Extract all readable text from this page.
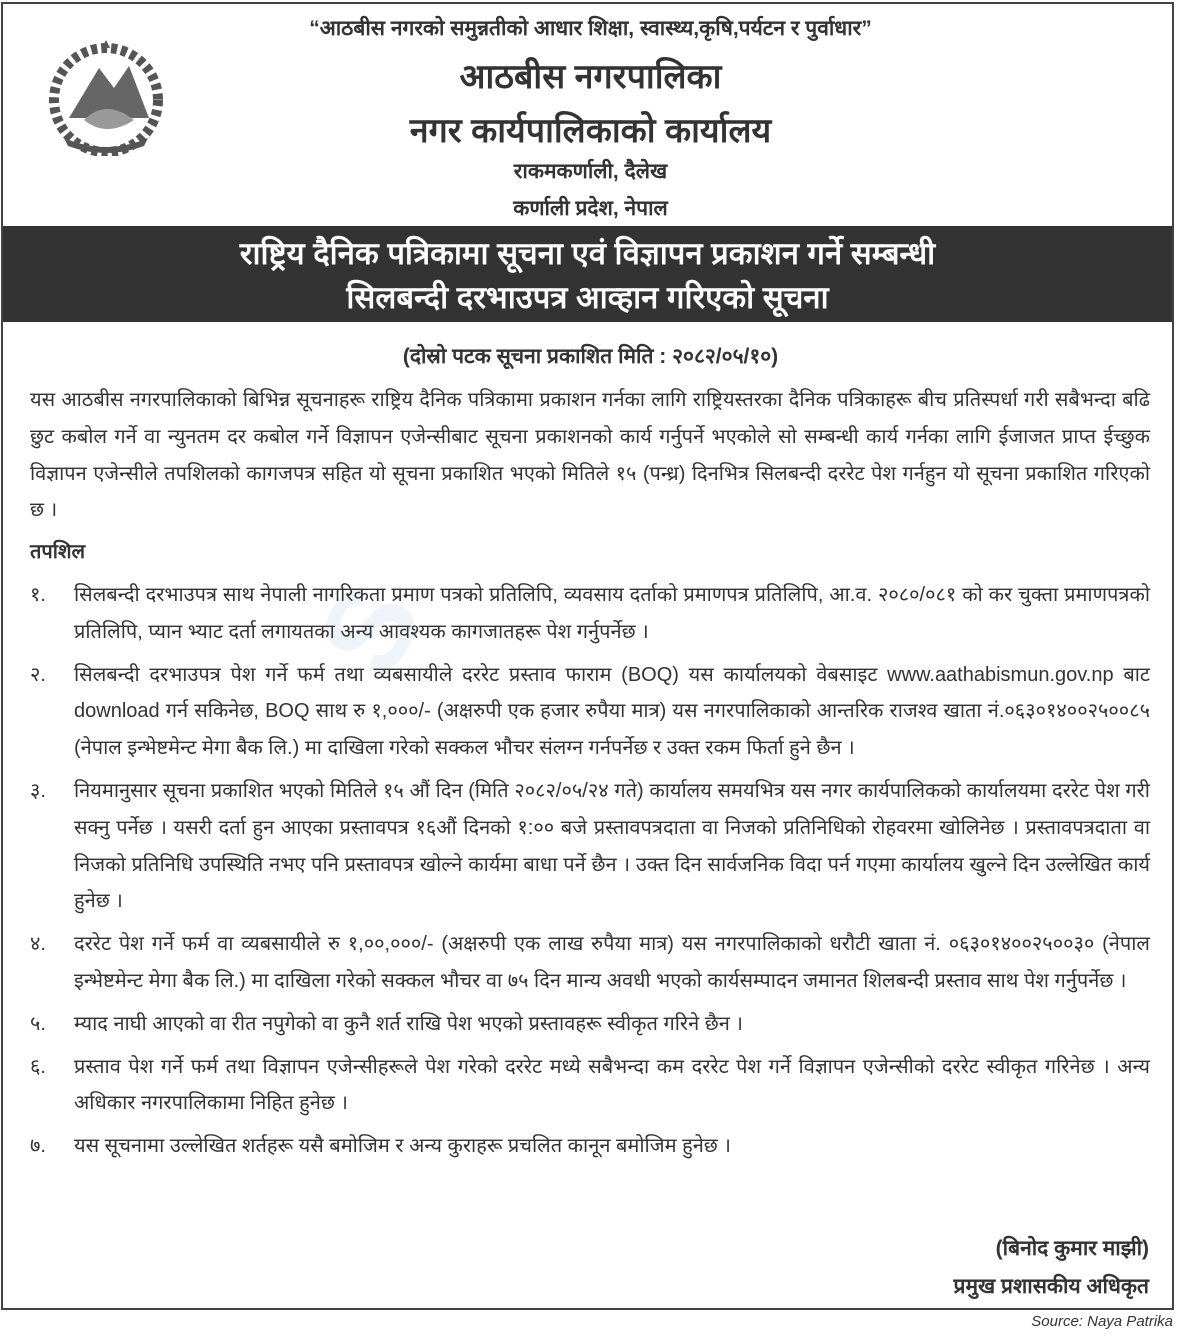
S
“आठबीस नगरको समुन्नतीको आधार शिक्षा, स्वास्थ्य,कृषि,पर्यटन र पुर्वाधार”
आठबीस नगरपालिका
नगर कार्यपालिकाको कार्यालय
राकमकर्णाली, दैलेख
कर्णाली प्रदेश, नेपाल
राष्ट्रिय दैनिक पत्रिकामा सूचना एवं विज्ञापन प्रकाशन गर्ने सम्बन्धी
सिलबन्दी दरभाउपत्र आव्हान गरिएको सूचना
(दोस्रो पटक सूचना प्रकाशित मिति : २०८२/०५/१०)

यस आठबीस नगरपालिकाको बिभिन्न सूचनाहरू राष्ट्रिय दैनिक पत्रिकामा प्रकाशन गर्नका लागि राष्ट्रियस्तरका दैनिक पत्रिकाहरू बीच प्रतिस्पर्धा गरी सबैभन्दा बढि छुट कबोल गर्ने वा न्युनतम दर कबोल गर्ने विज्ञापन एजेन्सीबाट सूचना प्रकाशनको कार्य गर्नुपर्ने भएकोले सो सम्बन्धी कार्य गर्नका लागि ईजाजत प्राप्त ईच्छुक विज्ञापन एजेन्सीले तपशिलको कागजपत्र सहित यो सूचना प्रकाशित भएको मितिले १५ (पन्ध्र) दिनभित्र सिलबन्दी दररेट पेश गर्नहुन यो सूचना प्रकाशित गरिएको छ ।

तपशिल
१.	सिलबन्दी दरभाउपत्र साथ नेपाली नागरिकता प्रमाण पत्रको प्रतिलिपि, व्यवसाय दर्ताको प्रमाणपत्र प्रतिलिपि, आ.व. २०८०/०८१ को कर चुक्ता प्रमाणपत्रको प्रतिलिपि, प्यान भ्याट दर्ता लगायतका अन्य आवश्यक कागजातहरू पेश गर्नुपर्नेछ ।
२.	सिलबन्दी दरभाउपत्र पेश गर्ने फर्म तथा व्यबसायीले दररेट प्रस्ताव फाराम (BOQ) यस कार्यालयको वेबसाइट www.aathabismun.gov.np बाट download गर्न सकिनेछ, BOQ साथ रु १,०००/- (अक्षरुपी एक हजार रुपैया मात्र) यस नगरपालिकाको आन्तरिक राजश्व खाता नं.०६३०१४००२५००८५ (नेपाल इन्भेष्टमेन्ट मेगा बैक लि.) मा दाखिला गरेको सक्कल भौचर संलग्न गर्नपर्नेछ र उक्त रकम फिर्ता हुने छैन ।
३.	नियमानुसार सूचना प्रकाशित भएको मितिले १५ औं दिन (मिति २०८२/०५/२४ गते) कार्यालय समयभित्र यस नगर कार्यपालिकको कार्यालयमा दररेट पेश गरी सक्नु पर्नेछ । यसरी दर्ता हुन आएका प्रस्तावपत्र १६औं दिनको १:०० बजे प्रस्तावपत्रदाता वा निजको प्रतिनिधिको रोहवरमा खोलिनेछ । प्रस्तावपत्रदाता वा निजको प्रतिनिधि उपस्थिति नभए पनि प्रस्तावपत्र खोल्ने कार्यमा बाधा पर्ने छैन । उक्त दिन सार्वजनिक विदा पर्न गएमा कार्यालय खुल्ने दिन उल्लेखित कार्य हुनेछ ।
४.	दररेट पेश गर्ने फर्म वा व्यबसायीले रु १,००,०००/- (अक्षरुपी एक लाख रुपैया मात्र) यस नगरपालिकाको धरौटी खाता नं. ०६३०१४००२५००३० (नेपाल इन्भेष्टमेन्ट मेगा बैक लि.) मा दाखिला गरेको सक्कल भौचर वा ७५ दिन मान्य अवधी भएको कार्यसम्पादन जमानत शिलबन्दी प्रस्ताव साथ पेश गर्नुपर्नेछ ।
५.	म्याद नाघी आएको वा रीत नपुगेको वा कुनै शर्त राखि पेश भएको प्रस्तावहरू स्वीकृत गरिने छैन ।
६.	प्रस्ताव पेश गर्ने फर्म तथा विज्ञापन एजेन्सीहरूले पेश गरेको दररेट मध्ये सबैभन्दा कम दररेट पेश गर्ने विज्ञापन एजेन्सीको दररेट स्वीकृत गरिनेछ । अन्य अधिकार नगरपालिकामा निहित हुनेछ ।
७.	यस सूचनामा उल्लेखित शर्तहरू यसै बमोजिम र अन्य कुराहरू प्रचलित कानून बमोजिम हुनेछ ।
(बिनोद कुमार माझी)
प्रमुख प्रशासकीय अधिकृत
Source: Naya Patrika
